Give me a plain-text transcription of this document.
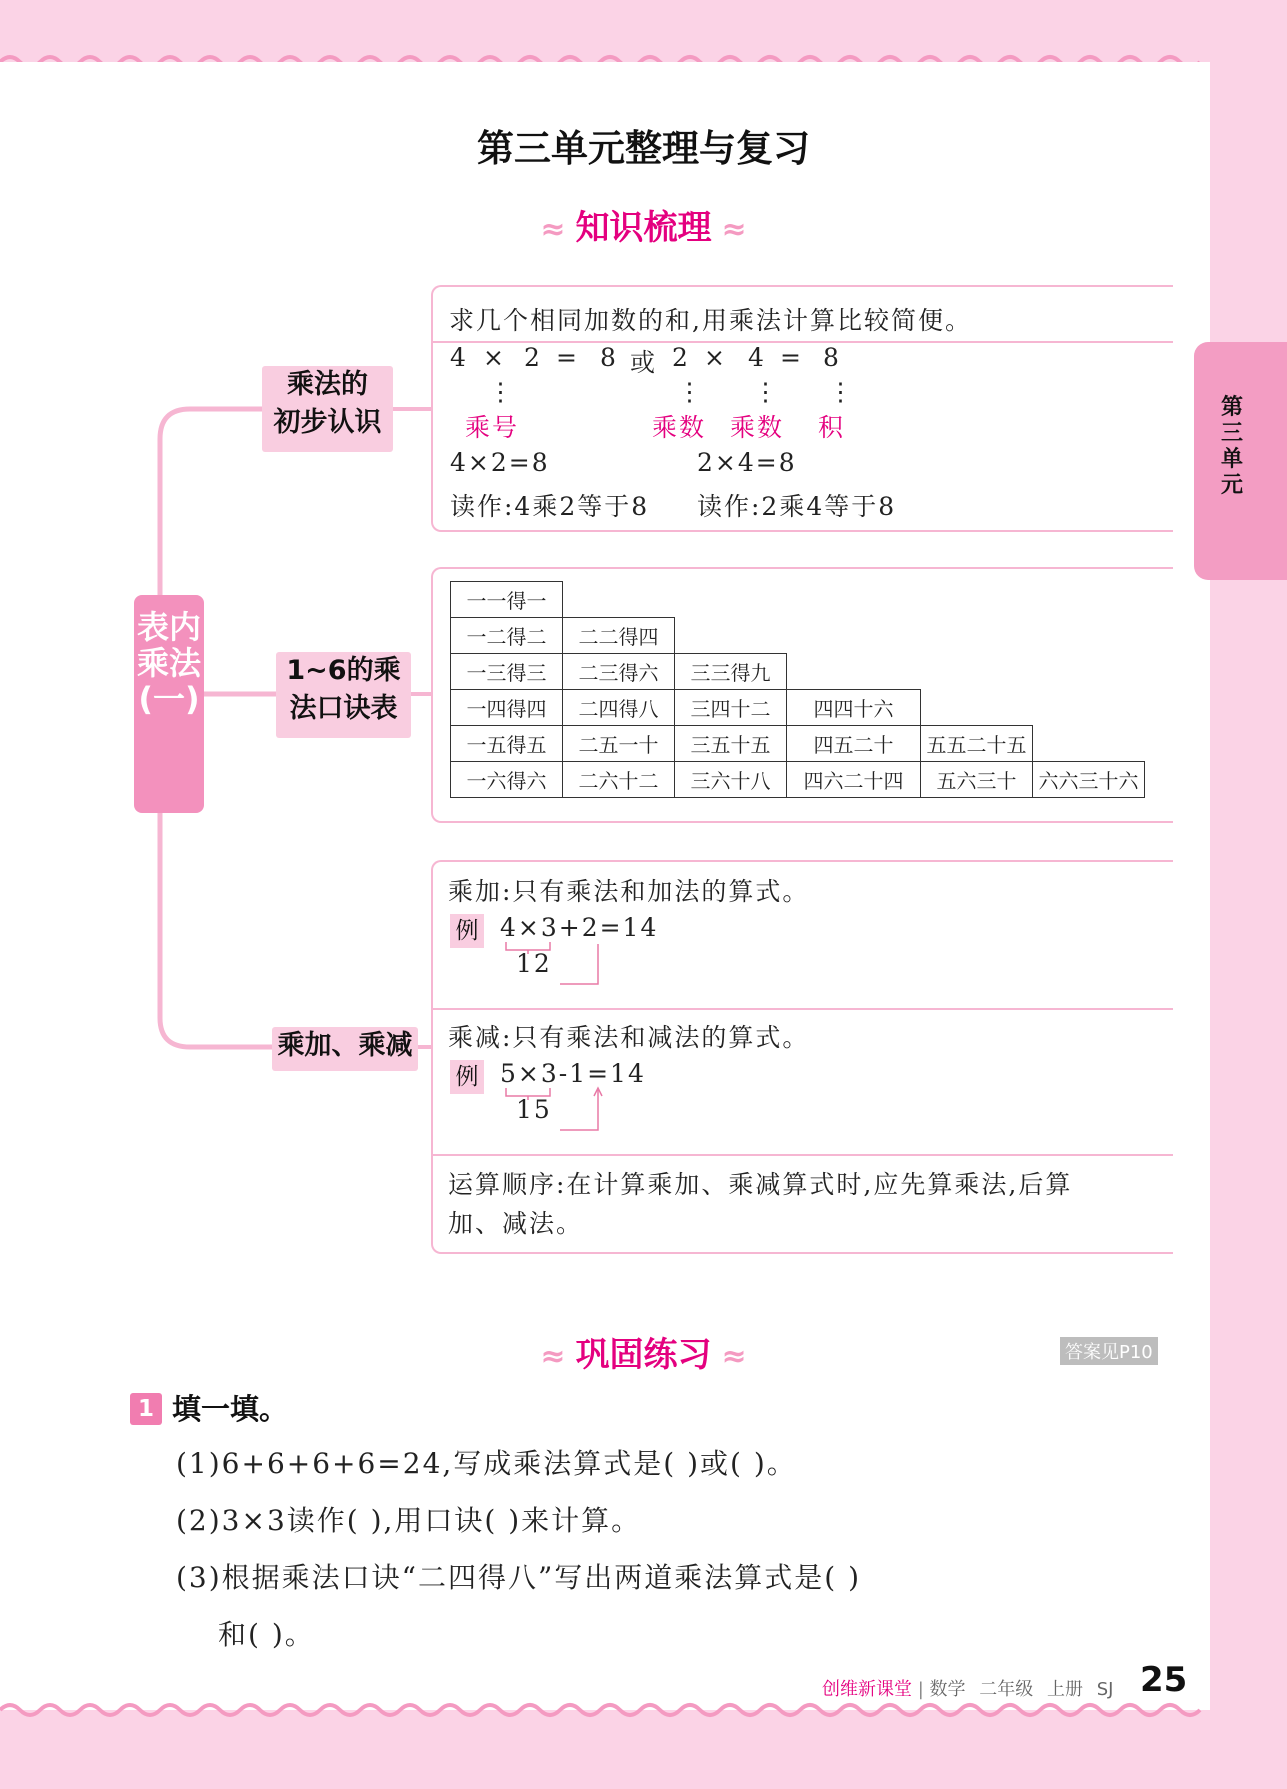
第三单元
第三单元整理与复习
≈ 知识梳理 ≈
表内乘法(一)
乘法的
初步认识
1~6的乘
法口诀表
乘加、乘减
求几个相同加数的和,用乘法计算比较简便。
4 × 2 = 8 或 2 × 4 = 8
⋮	⋮ ⋮ ⋮
乘号	乘数 乘数 积
4×2=8	2×4=8
读作:4乘2等于8 读作:2乘4等于8
一一得一					
一二得二	二二得四				
一三得三	二三得六	三三得九			
一四得四	二四得八	三四十二	四四十六		
一五得五	二五一十	三五十五	四五二十	五五二十五	
一六得六	二六十二	三六十八	四六二十四	五六三十	六六三十六
乘加:只有乘法和加法的算式。
例 4×3+2=14
12
乘减:只有乘法和减法的算式。
例 5×3-1=14
15
运算顺序:在计算乘加、乘减算式时,应先算乘法,后算
加、减法。
≈ 巩固练习 ≈	答案见P10
1 填一填。
(1)6+6+6+6=24,写成乘法算式是( )或( )。
(2)3×3读作( ),用口诀( )来计算。
(3)根据乘法口诀“二四得八”写出两道乘法算式是( )
和( )。
创维新课堂 | 数学 二年级 上册 SJ 25
